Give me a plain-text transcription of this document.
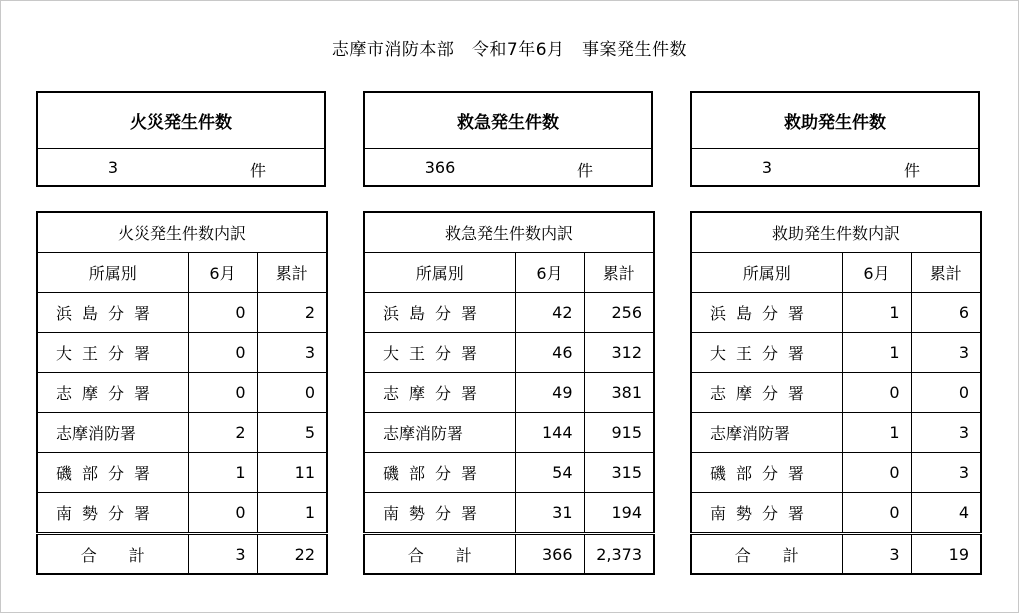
志摩市消防本部　令和7年6月　事案発生件数
火災発生件数
3	件
救急発生件数
366	件
救助発生件数
3	件
火災発生件数内訳		
所属別	6月	累計
浜島分署	0	2
大王分署	0	3
志摩分署	0	0
志摩消防署	2	5
磯部分署	1	11
南勢分署	0	1
合　　計	3	22
救急発生件数内訳		
所属別	6月	累計
浜島分署	42	256
大王分署	46	312
志摩分署	49	381
志摩消防署	144	915
磯部分署	54	315
南勢分署	31	194
合　　計	366	2,373
救助発生件数内訳		
所属別	6月	累計
浜島分署	1	6
大王分署	1	3
志摩分署	0	0
志摩消防署	1	3
磯部分署	0	3
南勢分署	0	4
合　　計	3	19
